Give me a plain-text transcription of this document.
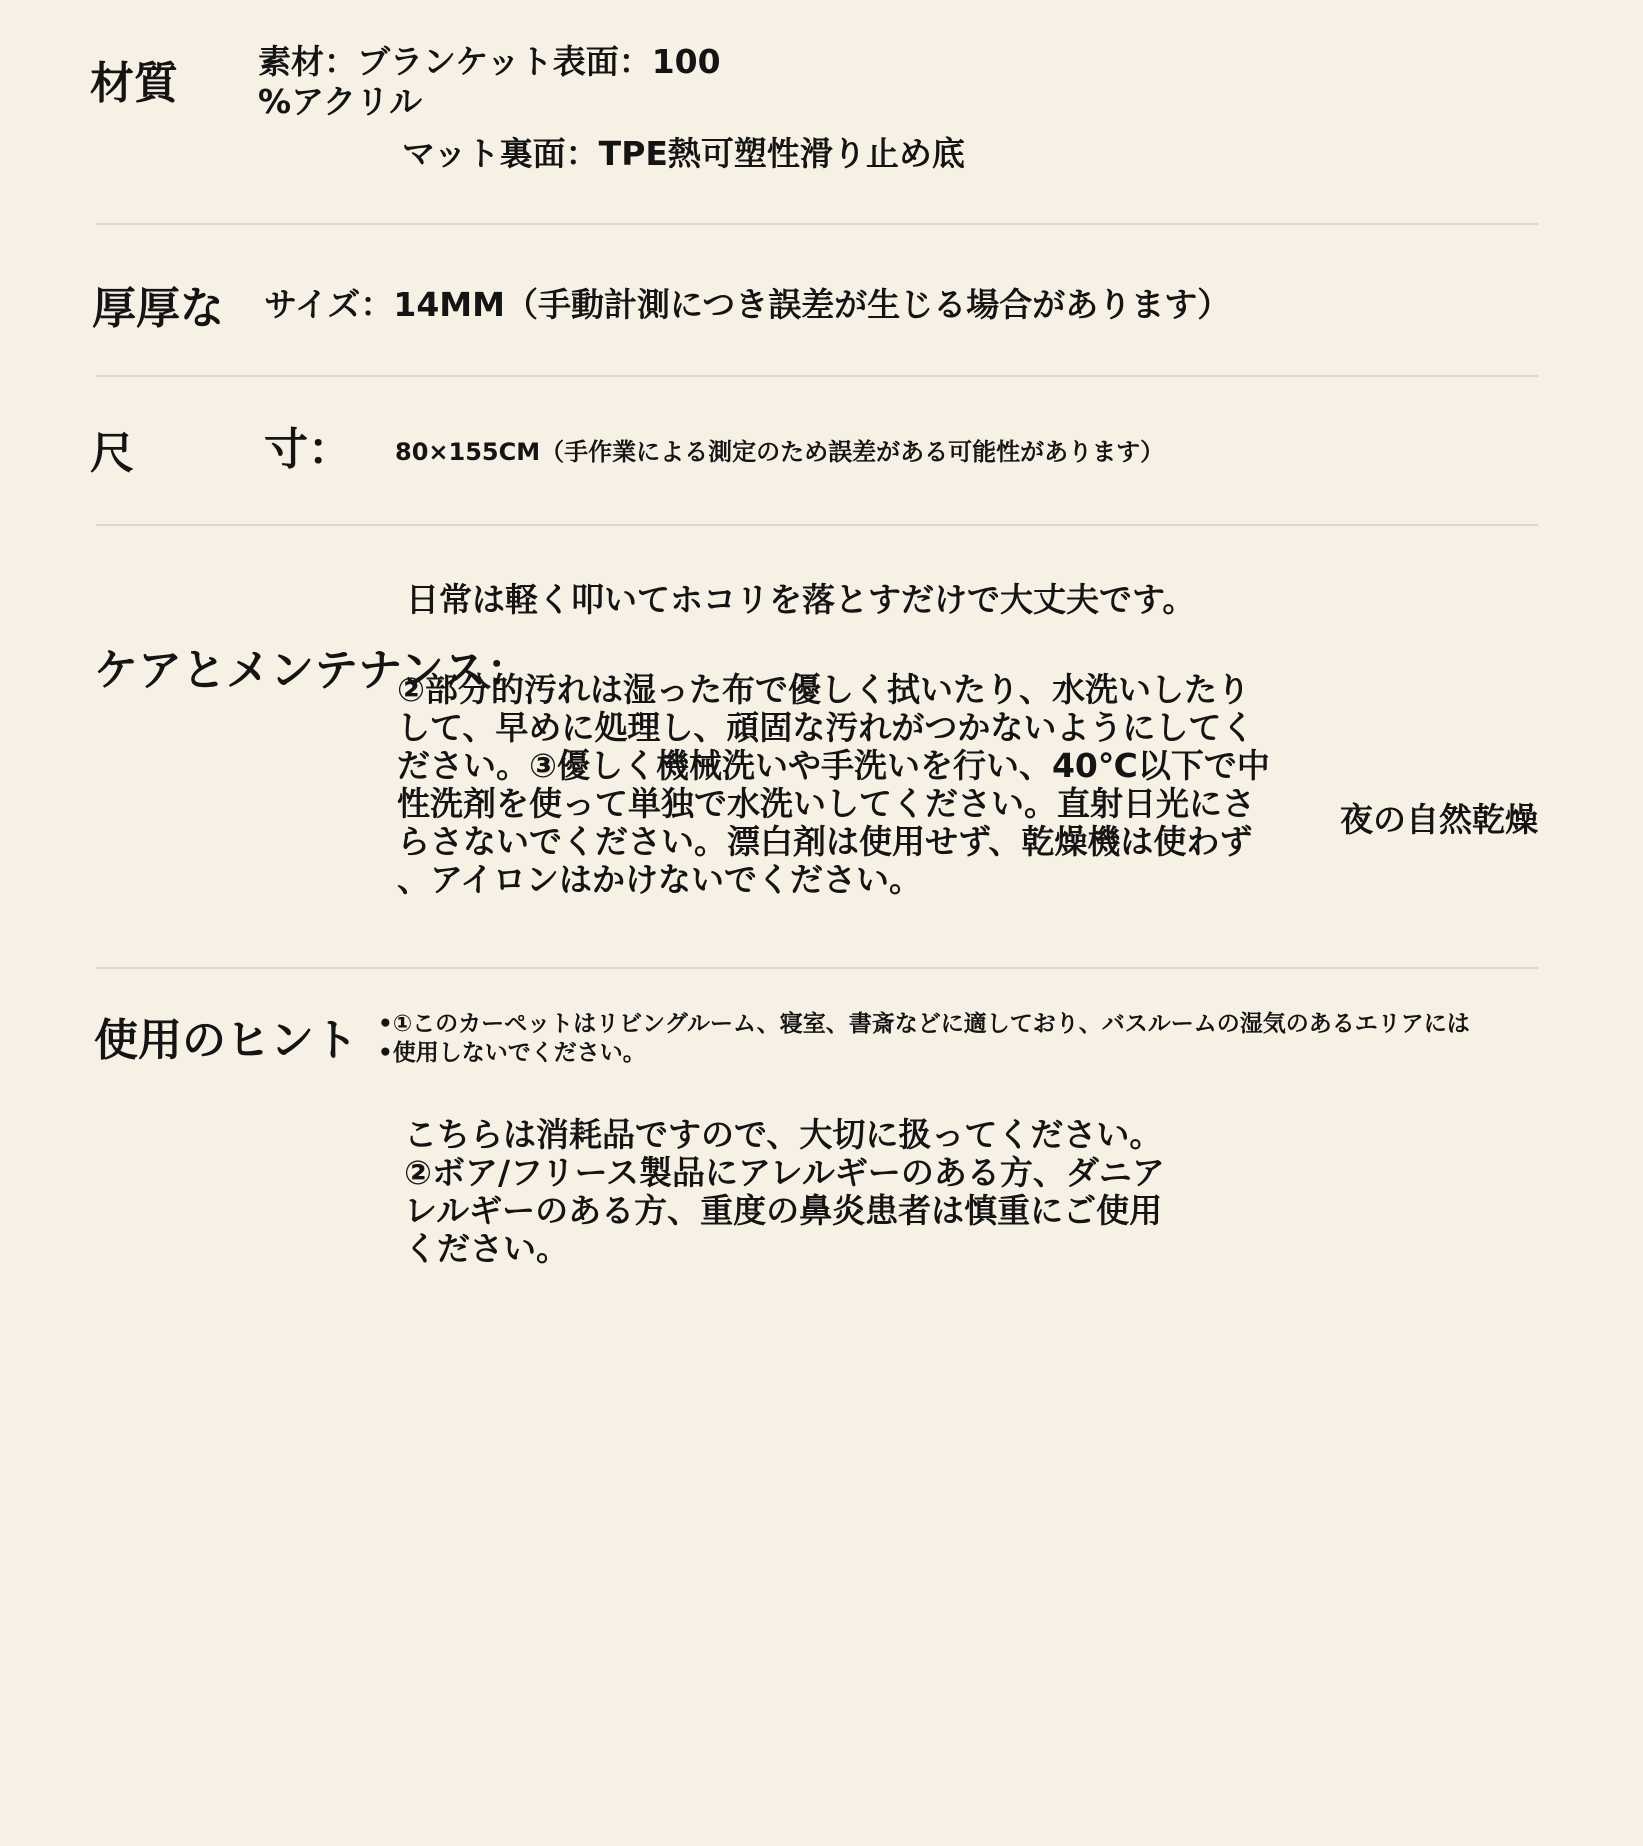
材質 素材：ブランケット表面：100
%アクリル
マット裏面：TPE熱可塑性滑り止め底
厚厚な サイズ：14MM（手動計測につき誤差が生じる場合があります）
尺	寸： 80×155CM（手作業による測定のため誤差がある可能性があります）
日常は軽く叩いてホコリを落とすだけで大丈夫です。
ケアとメンテナンス：
②部分的汚れは湿った布で優しく拭いたり、水洗いしたり
して、早めに処理し、頑固な汚れがつかないようにしてく
ださい。③優しく機械洗いや手洗いを行い、40℃以下で中
性洗剤を使って単独で水洗いしてください。直射日光にさ
らさないでください。漂白剤は使用せず、乾燥機は使わず
、アイロンはかけないでください。
夜の自然乾燥
使用のヒント •①このカーペットはリビングルーム、寝室、書斎などに適しており、バスルームの湿気のあるエリアには
•使用しないでください。
こちらは消耗品ですので、大切に扱ってください。
②ボア/フリース製品にアレルギーのある方、ダニア
レルギーのある方、重度の鼻炎患者は慎重にご使用
ください。
